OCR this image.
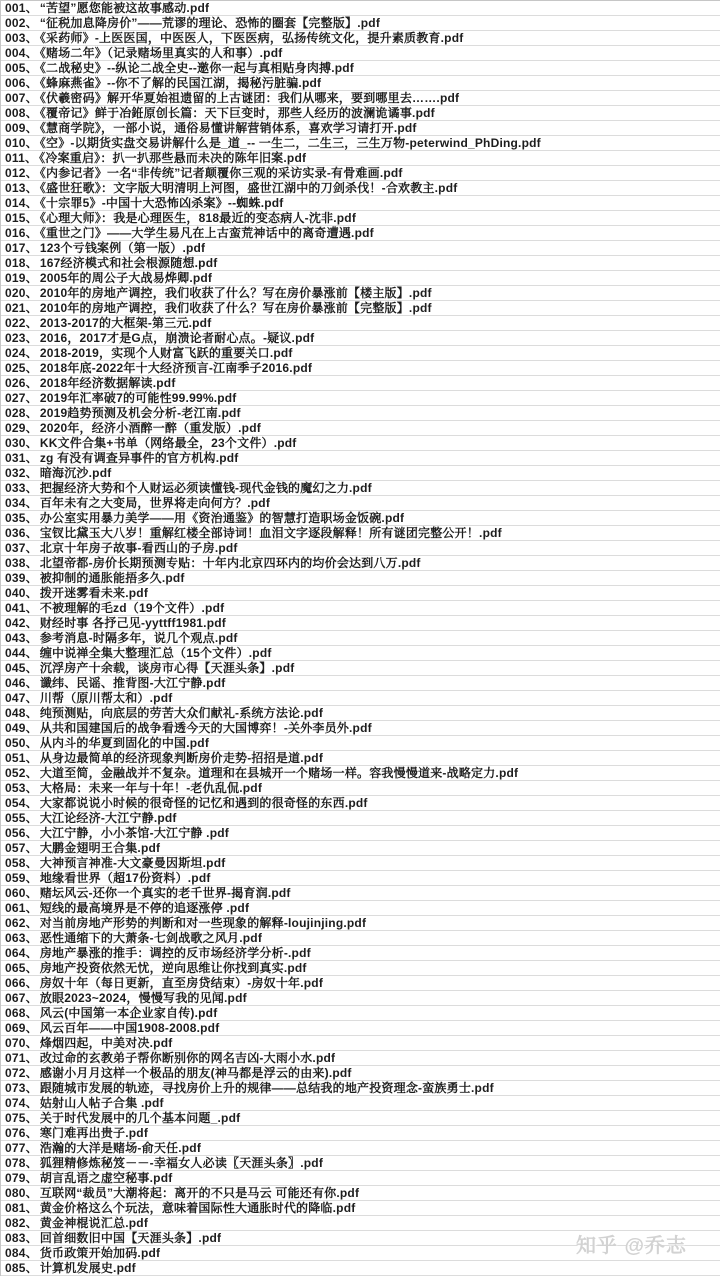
001、 “苦望”愿您能被这故事感动.pdf
002、 “征税加息降房价”——荒谬的理论、恐怖的圈套【完整版】.pdf
003、 《采药师》-上医医国，中医医人，下医医病，弘扬传统文化，提升素质教育.pdf
004、 《赌场二年》（记录赌场里真实的人和事）.pdf
005、 《二战秘史》--纵论二战全史--邀你一起与真相贴身肉搏.pdf
006、 《蜂麻燕雀》--你不了解的民国江湖，揭秘污脏骗.pdf
007、 《伏羲密码》解开华夏始祖遗留的上古谜团：我们从哪来，要到哪里去…….pdf
008、 《覆帝记》鲜于冶銋原创长篇：天下巨变时，那些人经历的波澜诡谲事.pdf
009、 《慧商学院》，一部小说，通俗易懂讲解营销体系，喜欢学习请打开.pdf
010、 《空》-以期货实盘交易讲解什么是_道_-- 一生二，二生三，三生万物-peterwind_PhDing.pdf
011、 《冷案重启》：扒一扒那些悬而未决的陈年旧案.pdf
012、 《内参记者》一名“非传统”记者颠覆你三观的采访实录-有骨难画.pdf
013、 《盛世狂歌》：文字版大明清明上河图，盛世江湖中的刀剑杀伐！-合欢教主.pdf
014、 《十宗罪5》-中国十大恐怖凶杀案》--蜘蛛.pdf
015、 《心理大师》：我是心理医生，818最近的变态病人-沈非.pdf
016、 《重世之门》——大学生易凡在上古蛮荒神话中的离奇遭遇.pdf
017、 123个亏钱案例（第一版）.pdf
018、 167经济模式和社会根源随想.pdf
019、 2005年的周公子大战易烨卿.pdf
020、 2010年的房地产调控，我们收获了什么？写在房价暴涨前【楼主版】.pdf
021、 2010年的房地产调控，我们收获了什么？写在房价暴涨前【完整版】.pdf
022、 2013-2017的大框架-第三元.pdf
023、 2016，2017才是G点，崩溃论者耐心点。-疑议.pdf
024、 2018-2019，实现个人财富飞跃的重要关口.pdf
025、 2018年底-2022年十大经济预言-江南季子2016.pdf
026、 2018年经济数据解读.pdf
027、 2019年汇率破7的可能性99.99%.pdf
028、 2019趋势预测及机会分析-老江南.pdf
029、 2020年，经济小酒醉一醉（重发版）.pdf
030、 KK文件合集+书单（网络最全，23个文件）.pdf
031、 zg 有没有调查异事件的官方机构.pdf
032、 暗海沉沙.pdf
033、 把握经济大势和个人财运必须读懂钱-现代金钱的魔幻之力.pdf
034、 百年未有之大变局，世界将走向何方？.pdf
035、 办公室实用暴力美学——用《资治通鉴》的智慧打造职场金饭碗.pdf
036、 宝钗比黛玉大八岁！重解红楼全部诗词！血泪文字逐段解释！所有谜团完整公开！.pdf
037、 北京十年房子故事-看西山的子房.pdf
038、 北望帝都-房价长期预测专贴：十年内北京四环内的均价会达到八万.pdf
039、 被抑制的通胀能捂多久.pdf
040、 拨开迷雾看未来.pdf
041、 不被理解的毛zd（19个文件）.pdf
042、 财经时事 各抒己见-yyttff1981.pdf
043、 参考消息-时隔多年，说几个观点.pdf
044、 缠中说禅全集大整理汇总（15个文件）.pdf
045、 沉浮房产十余载，谈房市心得【天涯头条】.pdf
046、 谶纬、民谣、推背图-大江宁静.pdf
047、 川帮（原川帮太和）.pdf
048、 纯预测贴，向底层的劳苦大众们献礼-系统方法论.pdf
049、 从共和国建国后的战争看透今天的大国博弈！-关外李员外.pdf
050、 从内斗的华夏到固化的中国.pdf
051、 从身边最简单的经济现象判断房价走势-招招是道.pdf
052、 大道至简，金融战并不复杂。道理和在县城开一个赌场一样。容我慢慢道来-战略定力.pdf
053、 大格局：未来一年与十年！-老仇乱侃.pdf
054、 大家都说说小时候的很奇怪的记忆和遇到的很奇怪的东西.pdf
055、 大江论经济-大江宁静.pdf
056、 大江宁静，小小茶馆-大江宁静 .pdf
057、 大鹏金翅明王合集.pdf
058、 大神预言神准-大文豪曼因斯坦.pdf
059、 地缘看世界（超17份资料）.pdf
060、 赌坛风云-还你一个真实的老千世界-揭育润.pdf
061、 短线的最高境界是不停的追逐涨停 .pdf
062、 对当前房地产形势的判断和对一些现象的解释-loujinjing.pdf
063、 恶性通缩下的大萧条-七剑战歌之风月.pdf
064、 房地产暴涨的推手：调控的反市场经济学分析-.pdf
065、 房地产投资依然无忧，逆向思维让你找到真实.pdf
066、 房奴十年（每日更新，直至房贷结束）-房奴十年.pdf
067、 放眼2023~2024，慢慢写我的见闻.pdf
068、 风云(中国第一本企业家自传).pdf
069、 风云百年——中国1908-2008.pdf
070、 烽烟四起，中美对决.pdf
071、 改过命的玄教弟子帮你断别你的网名吉凶-大雨小水.pdf
072、 感谢小月月这样一个极品的朋友(神马都是浮云的由来).pdf
073、 跟随城市发展的轨迹，寻找房价上升的规律——总结我的地产投资理念-蛮族勇士.pdf
074、 姑射山人帖子合集 .pdf
075、 关于时代发展中的几个基本问题_.pdf
076、 寒门难再出贵子.pdf
077、 浩瀚的大洋是赌场-俞天任.pdf
078、 狐狸精修炼秘笈－－-幸福女人必读〖天涯头条〗.pdf
079、 胡言乱语之虚空秘事.pdf
080、 互联网“裁员”大潮将起：离开的不只是马云 可能还有你.pdf
081、 黄金价格这么个玩法，意味着国际性大通胀时代的降临.pdf
082、 黄金神棍说汇总.pdf
083、 回首细数旧中国【天涯头条】.pdf
084、 货币政策开始加码.pdf
085、 计算机发展史.pdf
知乎 @乔志
